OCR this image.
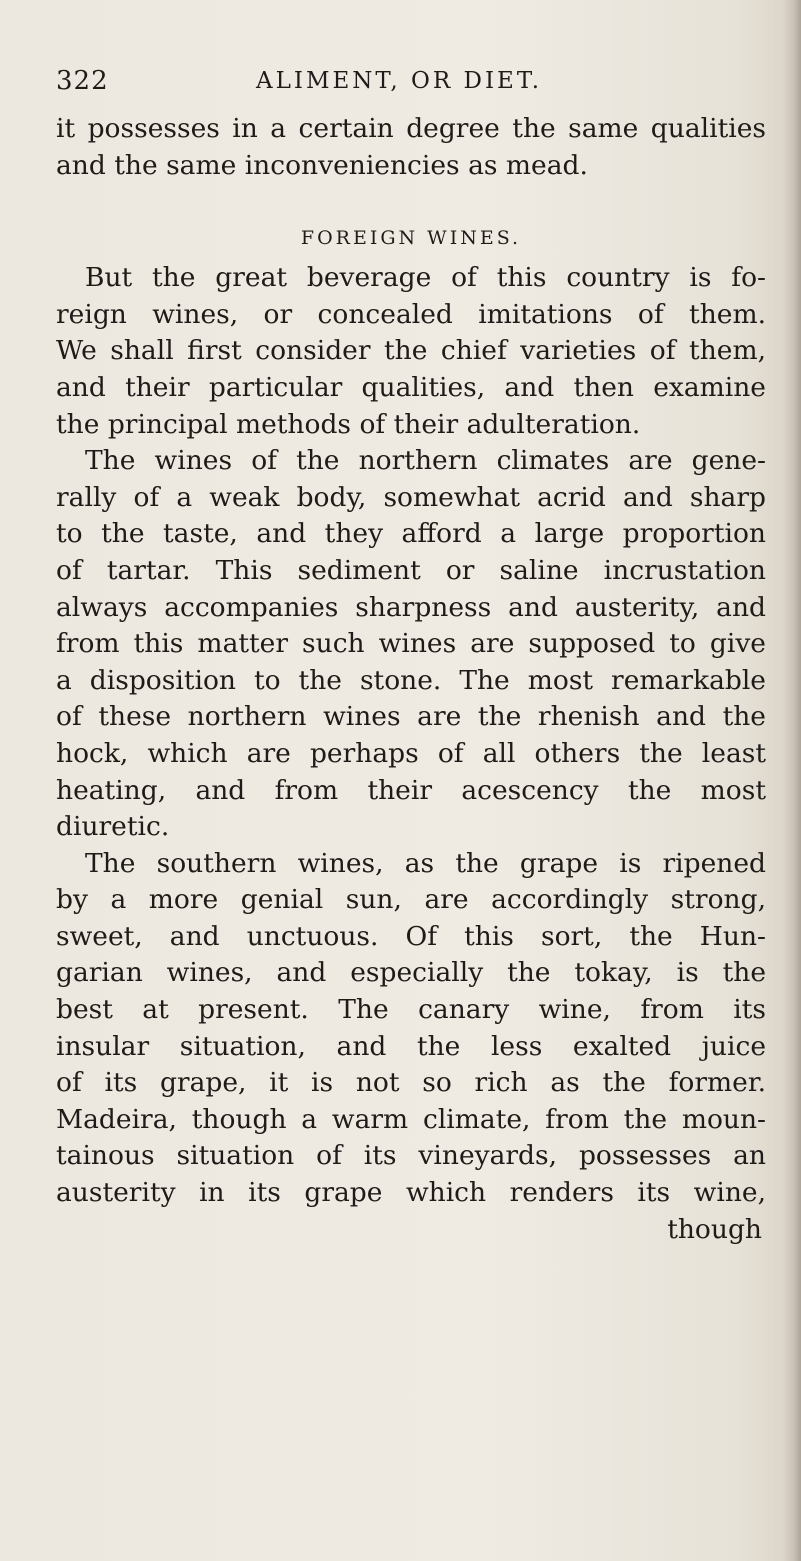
322	ALIMENT, OR DIET.
it possesses in a certain degree the same qualities
and the same inconveniencies as mead.
FOREIGN WINES.
But the great beverage of this country is fo-
reign wines, or concealed imitations of them.
We shall first consider the chief varieties of them,
and their particular qualities, and then examine
the principal methods of their adulteration.
The wines of the northern climates are gene-
rally of a weak body, somewhat acrid and sharp
to the taste, and they afford a large proportion
of tartar. This sediment or saline incrustation
always accompanies sharpness and austerity, and
from this matter such wines are supposed to give
a disposition to the stone. The most remarkable
of these northern wines are the rhenish and the
hock, which are perhaps of all others the least
heating, and from their acescency the most
diuretic.
The southern wines, as the grape is ripened
by a more genial sun, are accordingly strong,
sweet, and unctuous. Of this sort, the Hun-
garian wines, and especially the tokay, is the
best at present. The canary wine, from its
insular situation, and the less exalted juice
of its grape, it is not so rich as the former.
Madeira, though a warm climate, from the moun-
tainous situation of its vineyards, possesses an
austerity in its grape which renders its wine,
though
